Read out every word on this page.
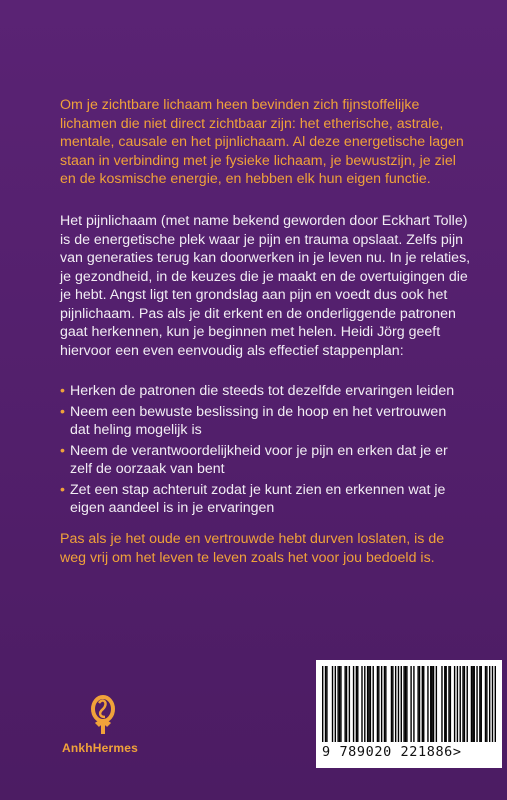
Om je zichtbare lichaam heen bevinden zich fijnstoffelijke
lichamen die niet direct zichtbaar zijn: het etherische, astrale,
mentale, causale en het pijnlichaam. Al deze energetische lagen
staan in verbinding met je fysieke lichaam, je bewustzijn, je ziel
en de kosmische energie, en hebben elk hun eigen functie.
Het pijnlichaam (met name bekend geworden door Eckhart Tolle)
is de energetische plek waar je pijn en trauma opslaat. Zelfs pijn
van generaties terug kan doorwerken in je leven nu. In je relaties,
je gezondheid, in de keuzes die je maakt en de overtuigingen die
je hebt. Angst ligt ten grondslag aan pijn en voedt dus ook het
pijnlichaam. Pas als je dit erkent en de onderliggende patronen
gaat herkennen, kun je beginnen met helen. Heidi Jörg geeft
hiervoor een even eenvoudig als effectief stappenplan:
• Herken de patronen die steeds tot dezelfde ervaringen leiden
• Neem een bewuste beslissing in de hoop en het vertrouwen
dat heling mogelijk is
• Neem de verantwoordelijkheid voor je pijn en erken dat je er
zelf de oorzaak van bent
• Zet een stap achteruit zodat je kunt zien en erkennen wat je
eigen aandeel is in je ervaringen
Pas als je het oude en vertrouwde hebt durven loslaten, is de
weg vrij om het leven te leven zoals het voor jou bedoeld is.
AnkhHermes	9 789020 221886>
